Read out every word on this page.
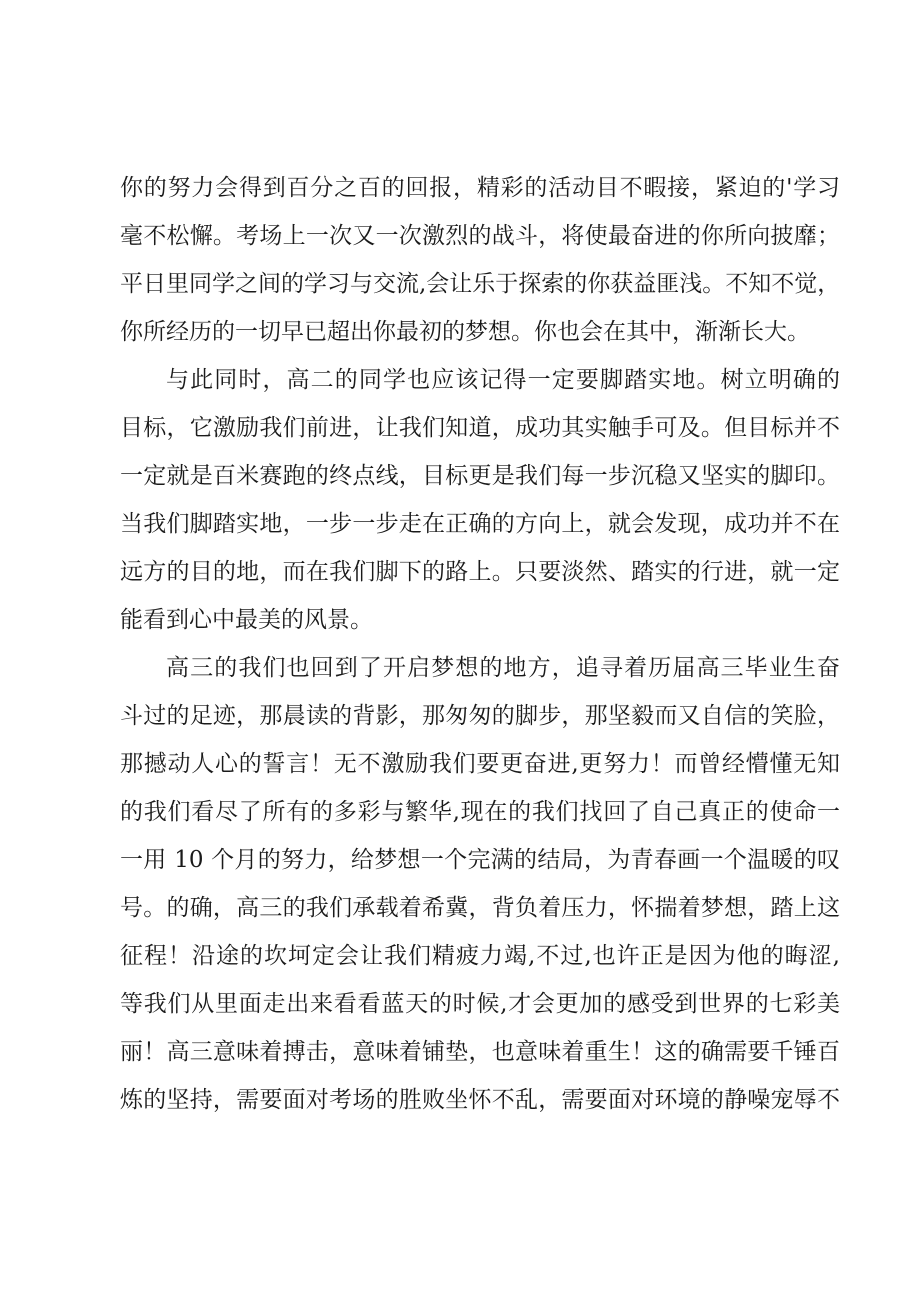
你的努力会得到百分之百的回报，精彩的活动目不暇接，紧迫的'学习
毫不松懈。考场上一次又一次激烈的战斗，将使最奋进的你所向披靡；
平日里同学之间的学习与交流,会让乐于探索的你获益匪浅。不知不觉，
你所经历的一切早已超出你最初的梦想。你也会在其中，渐渐长大。
与此同时，高二的同学也应该记得一定要脚踏实地。树立明确的
目标，它激励我们前进，让我们知道，成功其实触手可及。但目标并不
一定就是百米赛跑的终点线，目标更是我们每一步沉稳又坚实的脚印。
当我们脚踏实地，一步一步走在正确的方向上，就会发现，成功并不在
远方的目的地，而在我们脚下的路上。只要淡然、踏实的行进，就一定
能看到心中最美的风景。
高三的我们也回到了开启梦想的地方，追寻着历届高三毕业生奋
斗过的足迹，那晨读的背影，那匆匆的脚步，那坚毅而又自信的笑脸，
那撼动人心的誓言！无不激励我们要更奋进,更努力！而曾经懵懂无知
的我们看尽了所有的多彩与繁华,现在的我们找回了自己真正的使命一
一用 10 个月的努力，给梦想一个完满的结局，为青春画一个温暖的叹
号。的确，高三的我们承载着希冀，背负着压力，怀揣着梦想，踏上这
征程！沿途的坎坷定会让我们精疲力竭,不过,也许正是因为他的晦涩,
等我们从里面走出来看看蓝天的时候,才会更加的感受到世界的七彩美
丽！高三意味着搏击，意味着铺垫，也意味着重生！这的确需要千锤百
炼的坚持，需要面对考场的胜败坐怀不乱，需要面对环境的静噪宠辱不
